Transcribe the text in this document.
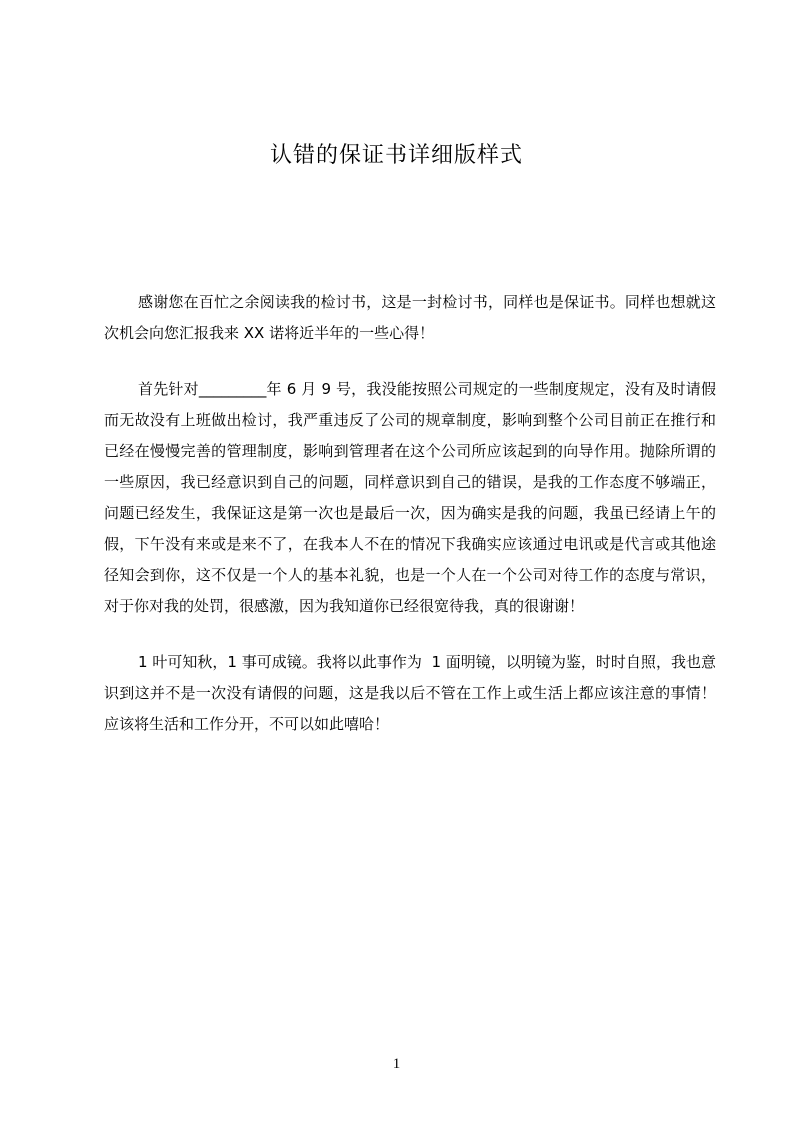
认错的保证书详细版样式

感谢您在百忙之余阅读我的检讨书，这是一封检讨书，同样也是保证书。同样也想就这次机会向您汇报我来 XX 诺将近半年的一些心得！

首先针对_________年 6 月 9 号，我没能按照公司规定的一些制度规定，没有及时请假而无故没有上班做出检讨，我严重违反了公司的规章制度，影响到整个公司目前正在推行和已经在慢慢完善的管理制度，影响到管理者在这个公司所应该起到的向导作用。抛除所谓的一些原因，我已经意识到自己的问题，同样意识到自己的错误，是我的工作态度不够端正，问题已经发生，我保证这是第一次也是最后一次，因为确实是我的问题，我虽已经请上午的假，下午没有来或是来不了，在我本人不在的情况下我确实应该通过电讯或是代言或其他途径知会到你，这不仅是一个人的基本礼貌，也是一个人在一个公司对待工作的态度与常识，对于你对我的处罚，很感激，因为我知道你已经很宽待我，真的很谢谢！

1 叶可知秋，1 事可成镜。我将以此事作为  1 面明镜，以明镜为鉴，时时自照，我也意识到这并不是一次没有请假的问题，这是我以后不管在工作上或生活上都应该注意的事情！应该将生活和工作分开，不可以如此嘻哈！

1
